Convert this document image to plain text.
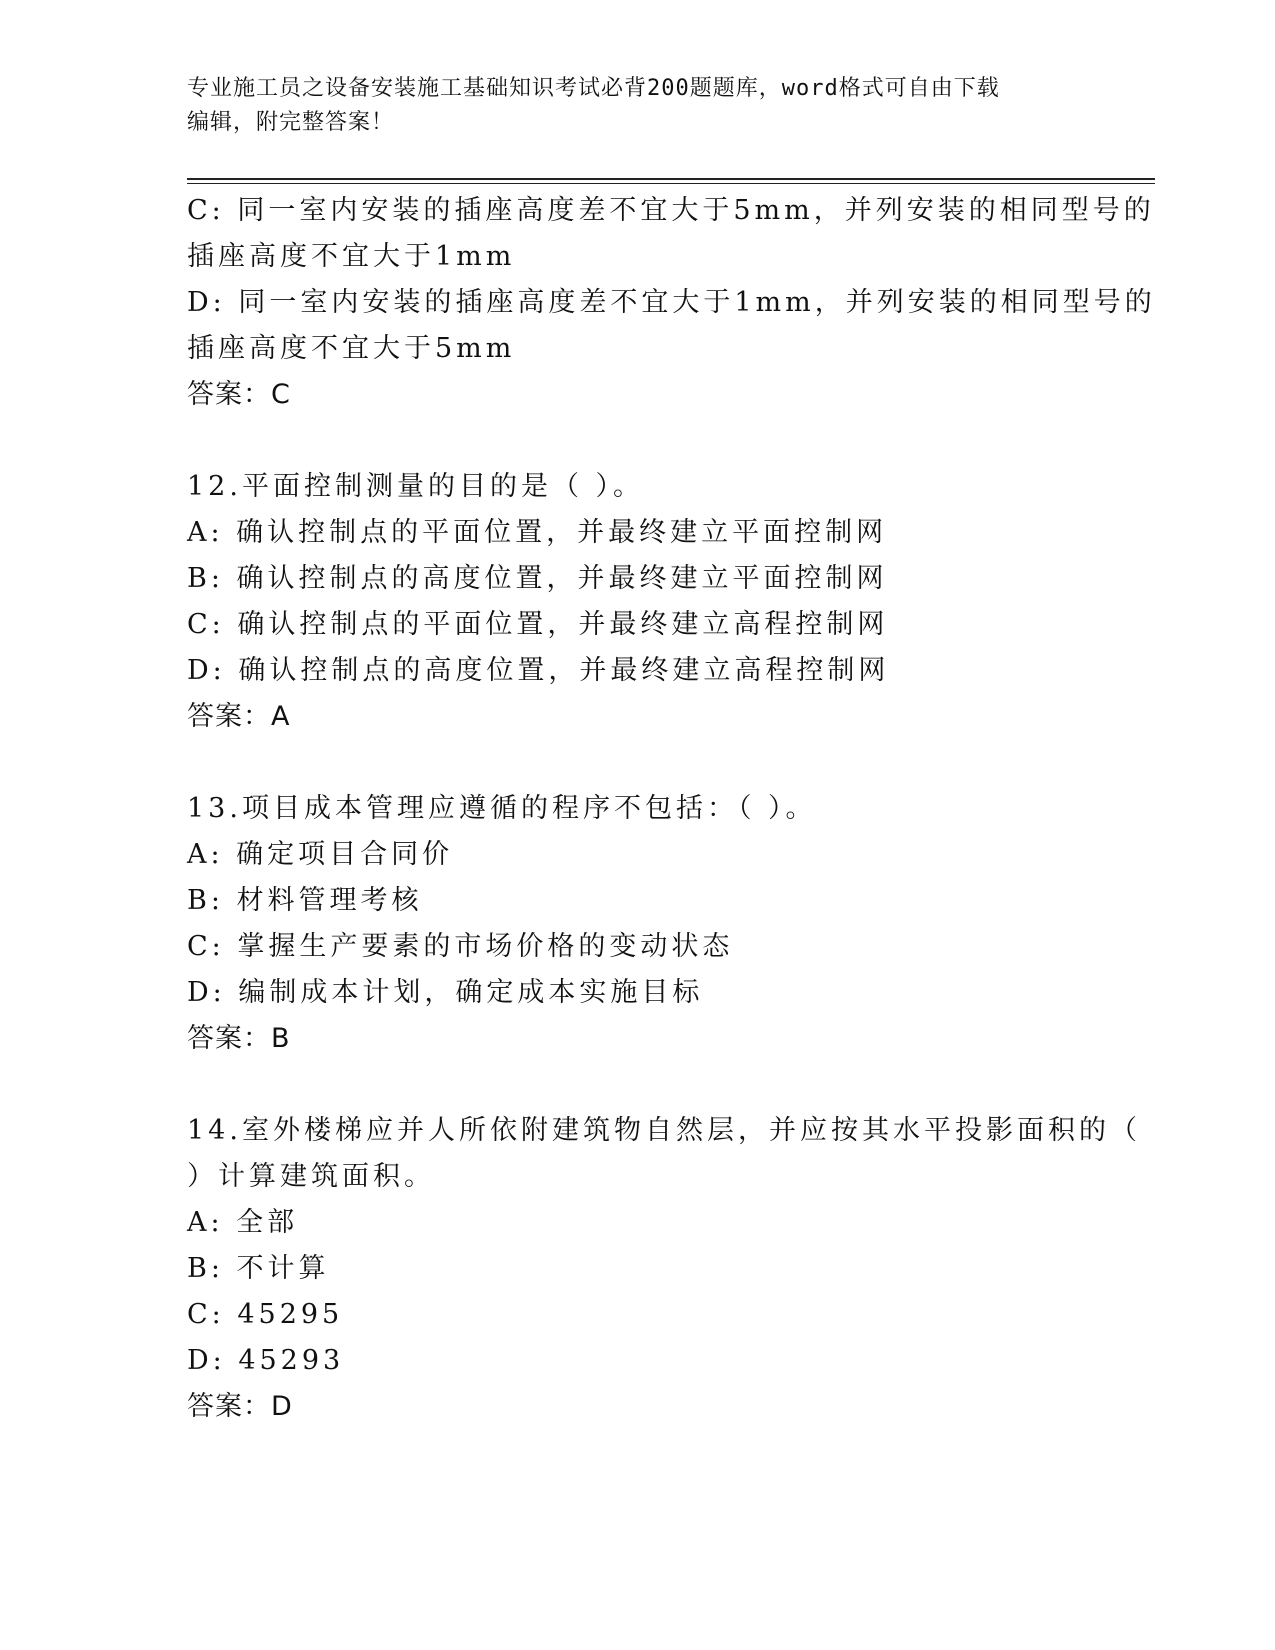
专业施工员之设备安装施工基础知识考试必背200题题库，word格式可自由下载
编辑，附完整答案！
C: 同一室内安装的插座高度差不宜大于5mm，并列安装的相同型号的
插座高度不宜大于1mm
D: 同一室内安装的插座高度差不宜大于1mm，并列安装的相同型号的
插座高度不宜大于5mm
答案：C
12.平面控制测量的目的是（ ）。
A: 确认控制点的平面位置，并最终建立平面控制网
B: 确认控制点的高度位置，并最终建立平面控制网
C: 确认控制点的平面位置，并最终建立高程控制网
D: 确认控制点的高度位置，并最终建立高程控制网
答案：A
13.项目成本管理应遵循的程序不包括：（ ）。
A: 确定项目合同价
B: 材料管理考核
C: 掌握生产要素的市场价格的变动状态
D: 编制成本计划，确定成本实施目标
答案：B
14.室外楼梯应并人所依附建筑物自然层，并应按其水平投影面积的（
）计算建筑面积。
A: 全部
B: 不计算
C: 45295
D: 45293
答案：D
